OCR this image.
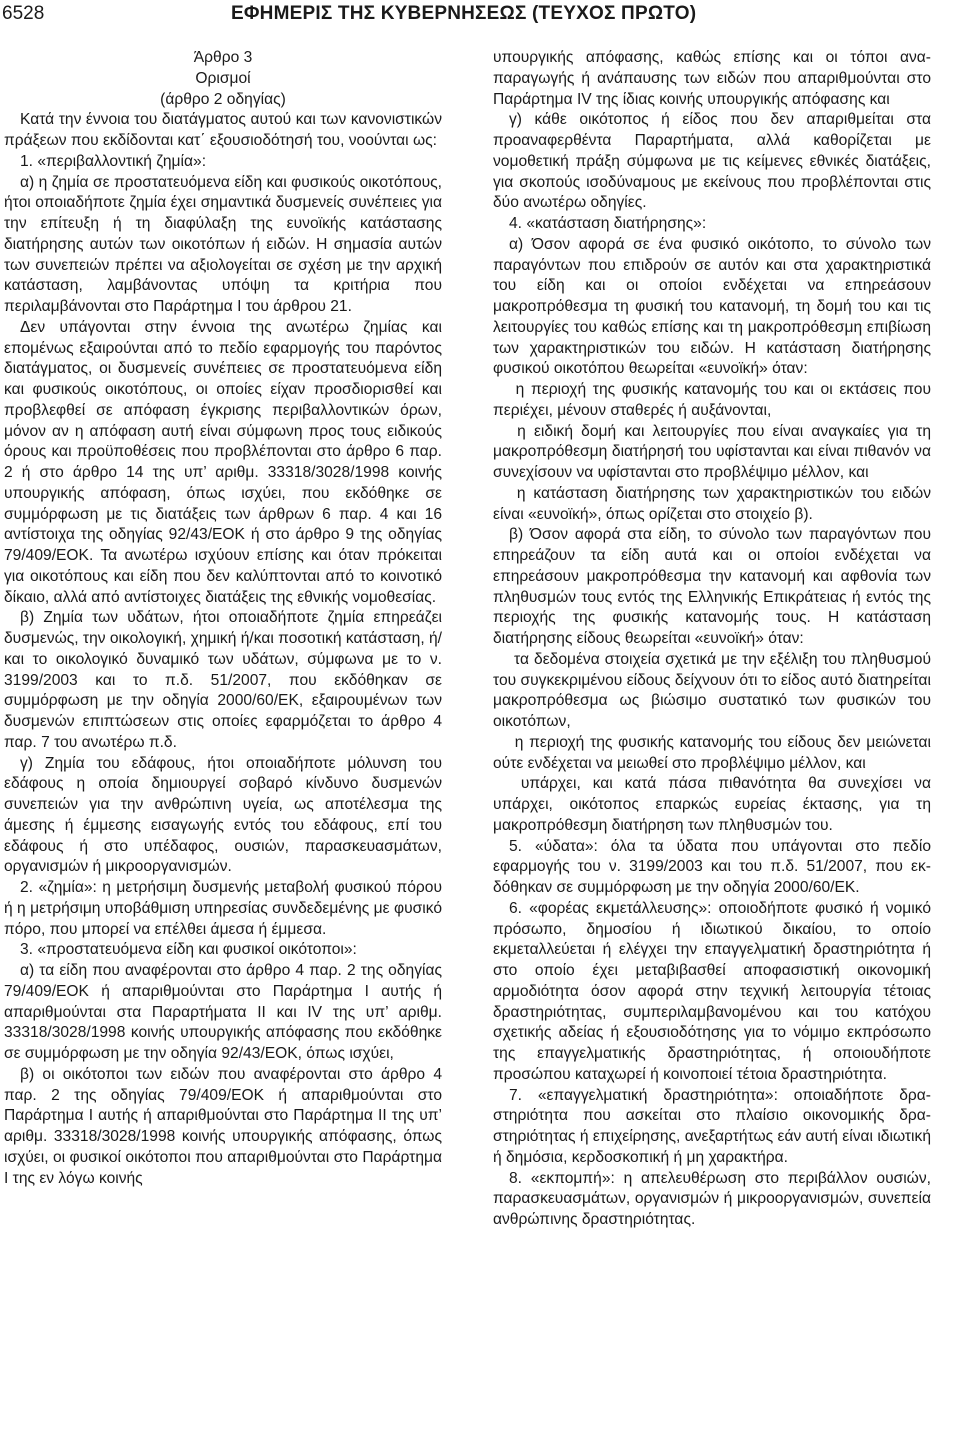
6528	ΕΦΗΜΕΡΙΣ ΤΗΣ ΚΥΒΕΡΝΗΣΕΩΣ (ΤΕΥΧΟΣ ΠΡΩΤΟ)

Άρθρο 3

Ορισμοί

(άρθρο 2 οδηγίας)

Κατά την έννοια του διατάγματος αυτού και των κανονιστικών πράξεων που εκδίδονται κατ΄ εξουσιοδότησή του, νοούνται ως:

1. «περιβαλλοντική ζημία»:

α) η ζημία σε προστατευόμενα είδη και φυσικούς οικοτόπους, ήτοι οποιαδήποτε ζημία έχει σημαντικά δυσμενείς συνέπειες για την επίτευξη ή τη διαφύλαξη της ευνοϊκής κατάστασης διατήρησης αυτών των οικοτόπων ή ειδών. Η σημασία αυτών των συνεπειών πρέπει να αξιολογείται σε σχέση με την αρχική κατάσταση, λαμβάνοντας υπόψη τα κριτήρια που περιλαμβάνονται στο Παράρτημα Ι του άρθρου 21.

Δεν υπάγονται στην έννοια της ανωτέρω ζημίας και επομένως εξαιρούνται από το πεδίο εφαρμογής του παρόντος διατάγματος, οι δυσμενείς συνέπειες σε προστατευόμενα είδη και φυσικούς οικοτόπους, οι οποίες είχαν προσδιορισθεί και προβλεφθεί σε απόφαση έγκρισης περιβαλλοντικών όρων, μόνον αν η απόφαση αυτή είναι σύμφωνη προς τους ειδικούς όρους και προϋποθέσεις που προβλέπονται στο άρθρο 6 παρ. 2 ή στο άρθρο 14 της υπ’ αριθμ. 33318/3028/1998 κοινής υπουργικής απόφαση, όπως ισχύει, που εκδόθηκε σε συμμόρφωση με τις διατάξεις των άρθρων 6 παρ. 4 και 16 αντίστοιχα της οδηγίας 92/43/ΕΟΚ ή στο άρθρο 9 της οδηγίας 79/409/ΕΟΚ. Τα ανωτέρω ισχύουν επίσης και όταν πρόκειται για οικοτόπους και είδη που δεν καλύπτονται από το κοινοτικό δίκαιο, αλλά από αντίστοιχες διατάξεις της εθνικής νομοθεσίας.

β) Ζημία των υδάτων, ήτοι οποιαδήποτε ζημία επηρεάζει δυσμενώς, την οικολογική, χημική ή/και ποσοτική κατάσταση, ή/και το οικολογικό δυναμικό των υδάτων, σύμφωνα με το ν. 3199/2003 και το π.δ. 51/2007, που εκδόθηκαν σε συμμόρφωση με την οδηγία 2000/60/ΕΚ, εξαιρουμένων των δυσμενών επιπτώσεων στις οποίες εφαρμόζεται το άρθρο 4 παρ. 7 του ανωτέρω π.δ.

γ) Ζημία του εδάφους, ήτοι οποιαδήποτε μόλυνση του εδάφους η οποία δημιουργεί σοβαρό κίνδυνο δυσμενών συνεπειών για την ανθρώπινη υγεία, ως αποτέλεσμα της άμεσης ή έμμεσης εισαγωγής εντός του εδάφους, επί του εδάφους ή στο υπέδαφος, ουσιών, παρασκευασμάτων, οργανισμών ή μικροοργανισμών.

2. «ζημία»: η μετρήσιμη δυσμενής μεταβολή φυσικού πόρου ή η μετρήσιμη υποβάθμιση υπηρεσίας συνδεδεμένης με φυσικό πόρο, που μπορεί να επέλθει άμεσα ή έμμεσα.

3. «προστατευόμενα είδη και φυσικοί οικότοποι»:

α) τα είδη που αναφέρονται στο άρθρο 4 παρ. 2 της οδηγίας 79/409/ΕΟΚ ή απαριθμούνται στο Παράρτημα Ι αυτής ή απαριθμούνται στα Παραρτήματα ΙΙ και ΙV της υπ’ αριθμ. 33318/3028/1998 κοινής υπουργικής απόφασης που εκδόθηκε σε συμμόρφωση με την οδηγία 92/43/ΕΟΚ, όπως ισχύει,

β) οι οικότοποι των ειδών που αναφέρονται στο άρθρο 4 παρ. 2 της οδηγίας 79/409/ΕΟΚ ή απαριθμούνται στο Παράρτημα Ι αυτής ή απαριθμούνται στο Παράρτημα ΙΙ της υπ’ αριθμ. 33318/3028/1998 κοινής υπουργικής απόφασης, όπως ισχύει, οι φυσικοί οικότοποι που απαριθμούνται στο Παράρτημα Ι της εν λόγω κοινής

υπουργικής απόφασης, καθώς επίσης και οι τόποι αναπαραγωγής ή ανάπαυσης των ειδών που απαριθμούνται στο Παράρτημα ΙV της ίδιας κοινής υπουργικής απόφασης και

γ) κάθε οικότοπος ή είδος που δεν απαριθμείται στα προαναφερθέντα Παραρτήματα, αλλά καθορίζεται με νομοθετική πράξη σύμφωνα με τις κείμενες εθνικές διατάξεις, για σκοπούς ισοδύναμους με εκείνους που προβλέπονται στις δύο ανωτέρω οδηγίες.

4. «κατάσταση διατήρησης»:

α) Όσον αφορά σε ένα φυσικό οικότοπο, το σύνολο των παραγόντων που επιδρούν σε αυτόν και στα χαρακτηριστικά του είδη και οι οποίοι ενδέχεται να επηρεάσουν μακροπρόθεσμα τη φυσική του κατανομή, τη δομή του και τις λειτουργίες του καθώς επίσης και τη μακροπρόθεσμη επιβίωση των χαρακτηριστικών του ειδών. Η κατάσταση διατήρησης φυσικού οικοτόπου θεωρείται «ευνοϊκή» όταν:

η περιοχή της φυσικής κατανομής του και οι εκτάσεις που περιέχει, μένουν σταθερές ή αυξάνονται,

η ειδική δομή και λειτουργίες που είναι αναγκαίες για τη μακροπρόθεσμη διατήρησή του υφίστανται και είναι πιθανόν να συνεχίσουν να υφίστανται στο προβλέψιμο μέλλον, και

η κατάσταση διατήρησης των χαρακτηριστικών του ειδών είναι «ευνοϊκή», όπως ορίζεται στο στοιχείο β).

β) Όσον αφορά στα είδη, το σύνολο των παραγόντων που επηρεάζουν τα είδη αυτά και οι οποίοι ενδέχεται να επηρεάσουν μακροπρόθεσμα την κατανομή και αφθονία των πληθυσμών τους εντός της Ελληνικής Επικράτειας ή εντός της περιοχής της φυσικής κατανομής τους. Η κατάσταση διατήρησης είδους θεωρείται «ευνοϊκή» όταν:

τα δεδομένα στοιχεία σχετικά με την εξέλιξη του πληθυσμού του συγκεκριμένου είδους δείχνουν ότι το είδος αυτό διατηρείται μακροπρόθεσμα ως βιώσιμο συστατικό των φυσικών του οικοτόπων,

η περιοχή της φυσικής κατανομής του είδους δεν μειώνεται ούτε ενδέχεται να μειωθεί στο προβλέψιμο μέλλον, και

υπάρχει, και κατά πάσα πιθανότητα θα συνεχίσει να υπάρχει, οικότοπος επαρκώς ευρείας έκτασης, για τη μακροπρόθεσμη διατήρηση των πληθυσμών του.

5. «ύδατα»: όλα τα ύδατα που υπάγονται στο πεδίο εφαρμογής του ν. 3199/2003 και του π.δ. 51/2007, που εκδόθηκαν σε συμμόρφωση με την οδηγία 2000/60/ΕΚ.

6. «φορέας εκμετάλλευσης»: οποιοδήποτε φυσικό ή νομικό πρόσωπο, δημοσίου ή ιδιωτικού δικαίου, το οποίο εκμεταλλεύεται ή ελέγχει την επαγγελματική δραστηριότητα ή στο οποίο έχει μεταβιβασθεί αποφασιστική οικονομική αρμοδιότητα όσον αφορά στην τεχνική λειτουργία τέτοιας δραστηριότητας, συμπεριλαμβανομένου και του κατόχου σχετικής αδείας ή εξουσιοδότησης για το νόμιμο εκπρόσωπο της επαγγελματικής δραστηριότητας, ή οποιουδήποτε προσώπου καταχωρεί ή κοινοποιεί τέτοια δραστηριότητα.

7. «επαγγελματική δραστηριότητα»: οποιαδήποτε δραστηριότητα που ασκείται στο πλαίσιο οικονομικής δραστηριότητας ή επιχείρησης, ανεξαρτήτως εάν αυτή είναι ιδιωτική ή δημόσια, κερδοσκοπική ή μη χαρακτήρα.

8. «εκπομπή»: η απελευθέρωση στο περιβάλλον ουσιών, παρασκευασμάτων, οργανισμών ή μικροοργανισμών, συνεπεία ανθρώπινης δραστηριότητας.
